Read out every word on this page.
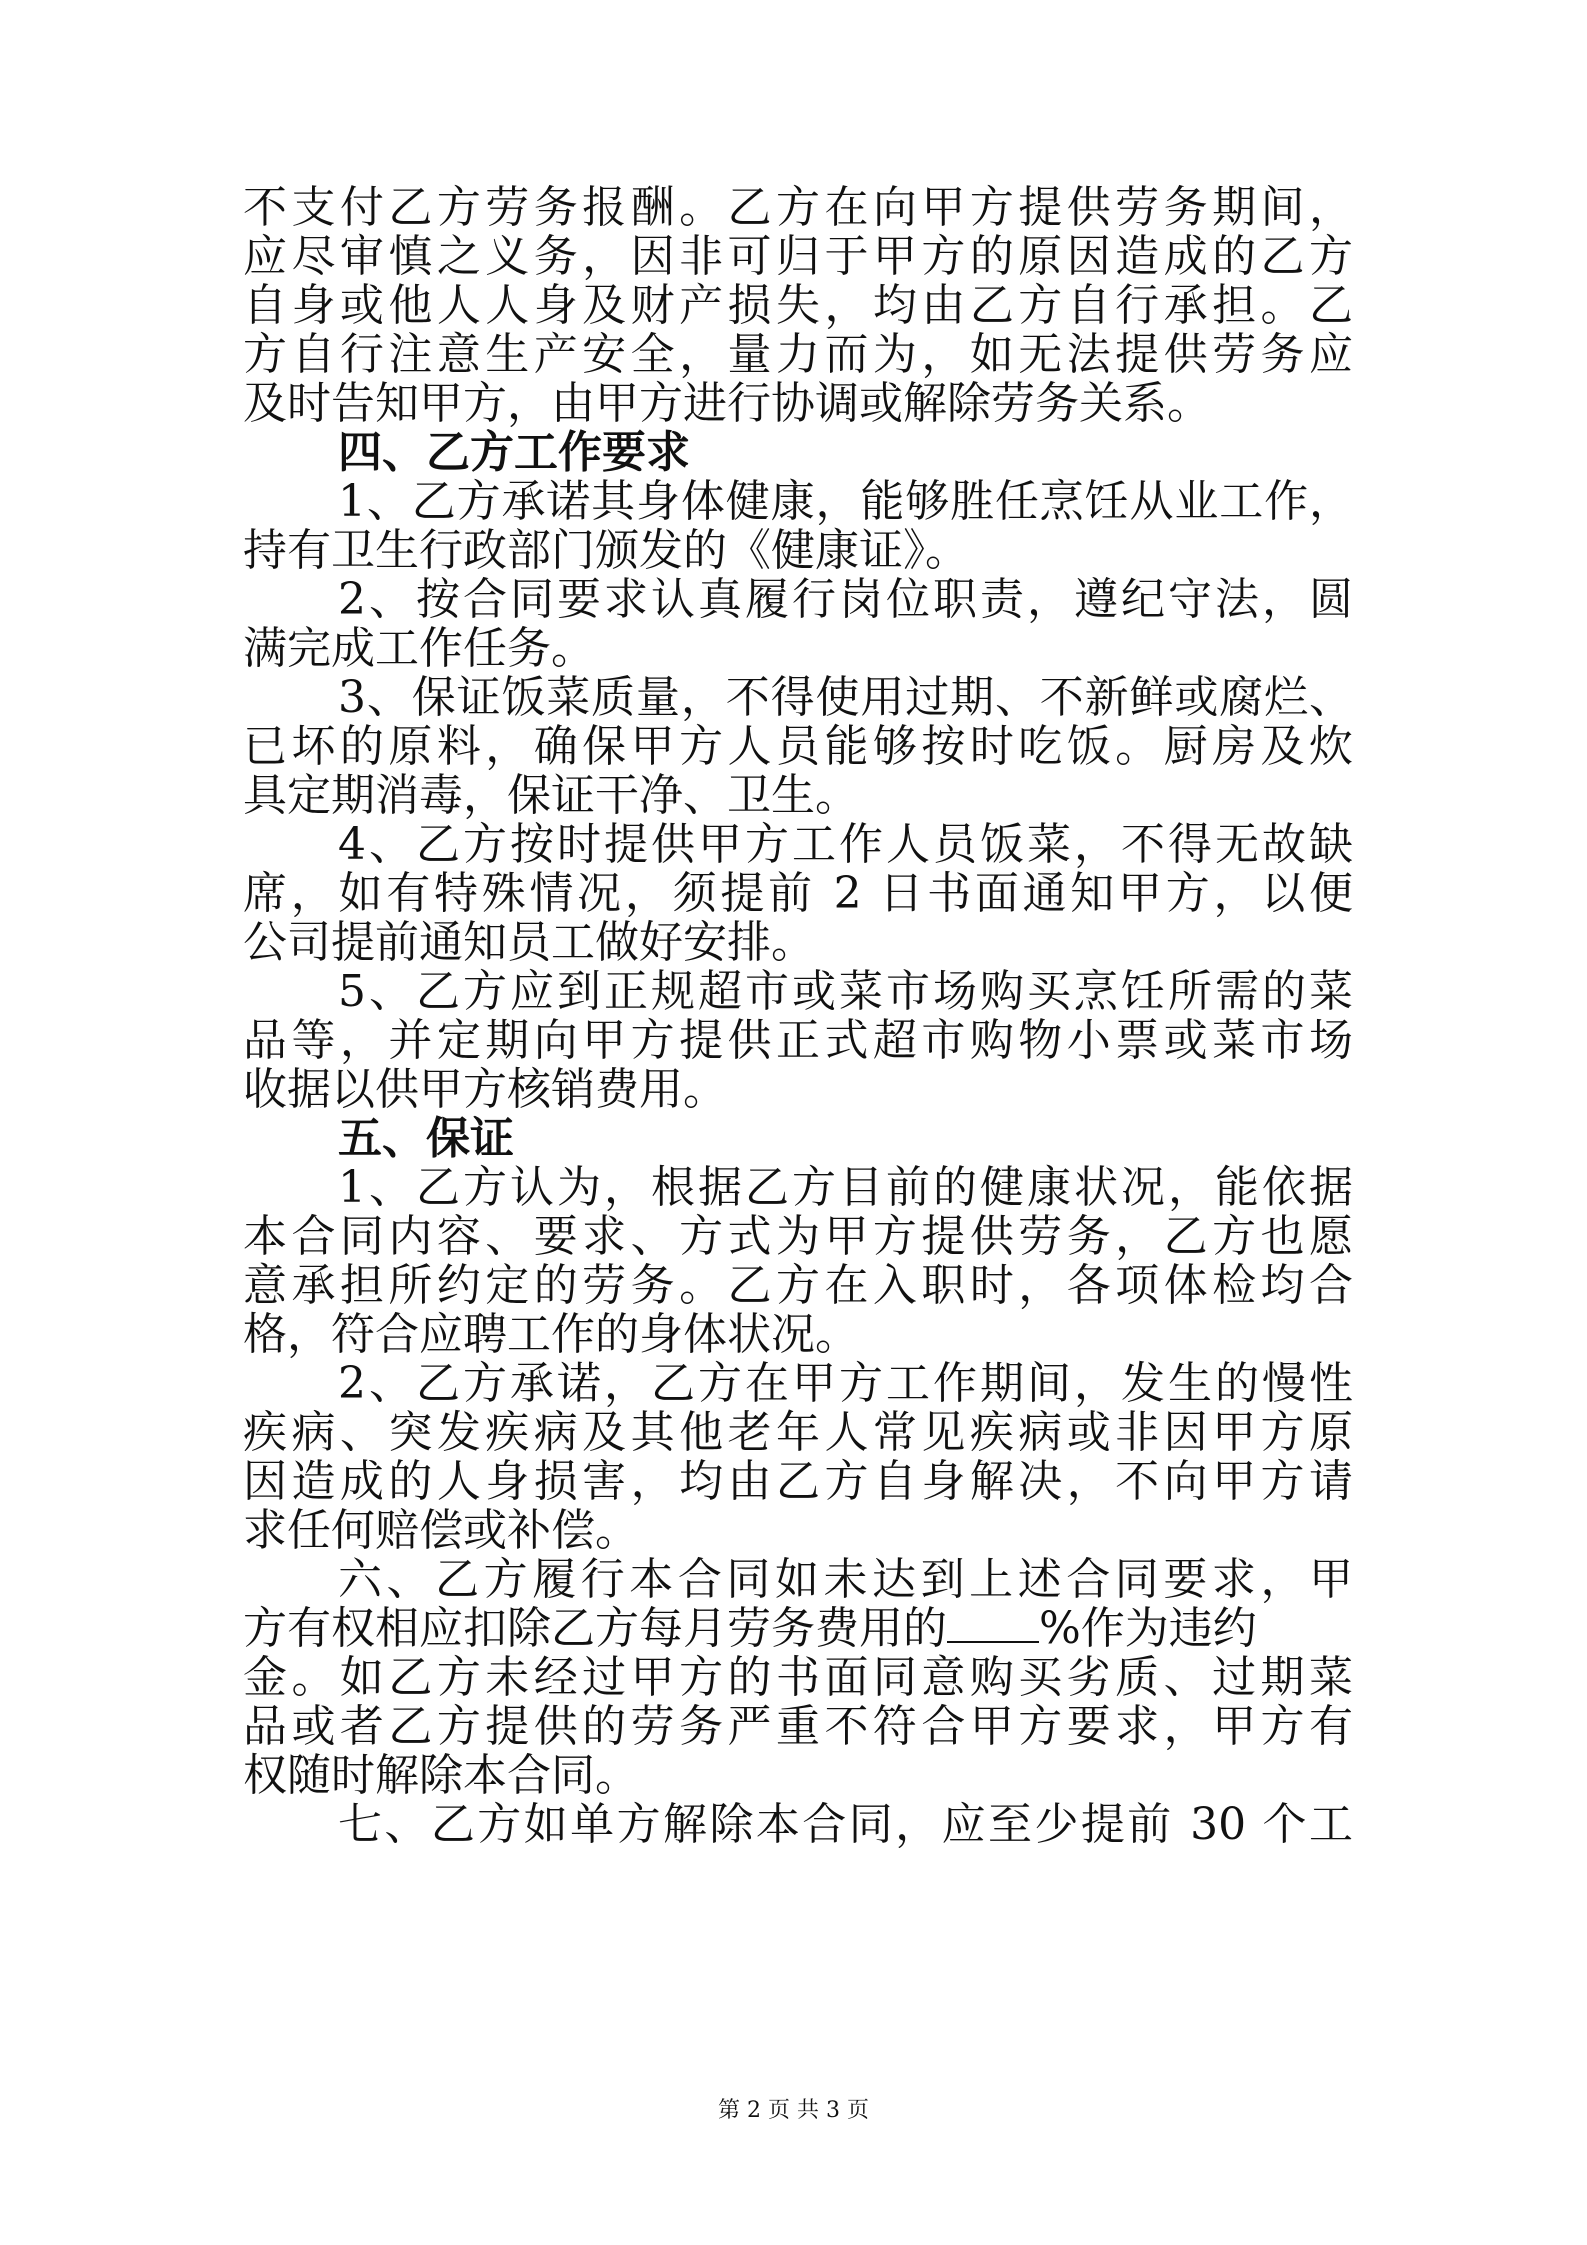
不支付乙方劳务报酬。乙方在向甲方提供劳务期间，
应尽审慎之义务，因非可归于甲方的原因造成的乙方
自身或他人人身及财产损失，均由乙方自行承担。乙
方自行注意生产安全，量力而为，如无法提供劳务应
及时告知甲方，由甲方进行协调或解除劳务关系。
四、乙方工作要求
1、乙方承诺其身体健康，能够胜任烹饪从业工作，
持有卫生行政部门颁发的《健康证》。
2、按合同要求认真履行岗位职责，遵纪守法，圆
满完成工作任务。
3、保证饭菜质量，不得使用过期、不新鲜或腐烂、
已坏的原料，确保甲方人员能够按时吃饭。厨房及炊
具定期消毒，保证干净、卫生。
4、乙方按时提供甲方工作人员饭菜，不得无故缺
席，如有特殊情况，须提前 2 日书面通知甲方，以便
公司提前通知员工做好安排。
5、乙方应到正规超市或菜市场购买烹饪所需的菜
品等，并定期向甲方提供正式超市购物小票或菜市场
收据以供甲方核销费用。
五、保证
1、乙方认为，根据乙方目前的健康状况，能依据
本合同内容、要求、方式为甲方提供劳务，乙方也愿
意承担所约定的劳务。乙方在入职时，各项体检均合
格，符合应聘工作的身体状况。
2、乙方承诺，乙方在甲方工作期间，发生的慢性
疾病、突发疾病及其他老年人常见疾病或非因甲方原
因造成的人身损害，均由乙方自身解决，不向甲方请
求任何赔偿或补偿。
六、乙方履行本合同如未达到上述合同要求，甲
方有权相应扣除乙方每月劳务费用的 %作为违约
金。如乙方未经过甲方的书面同意购买劣质、过期菜
品或者乙方提供的劳务严重不符合甲方要求，甲方有
权随时解除本合同。
七、乙方如单方解除本合同，应至少提前 30 个工
第 2 页 共 3 页
